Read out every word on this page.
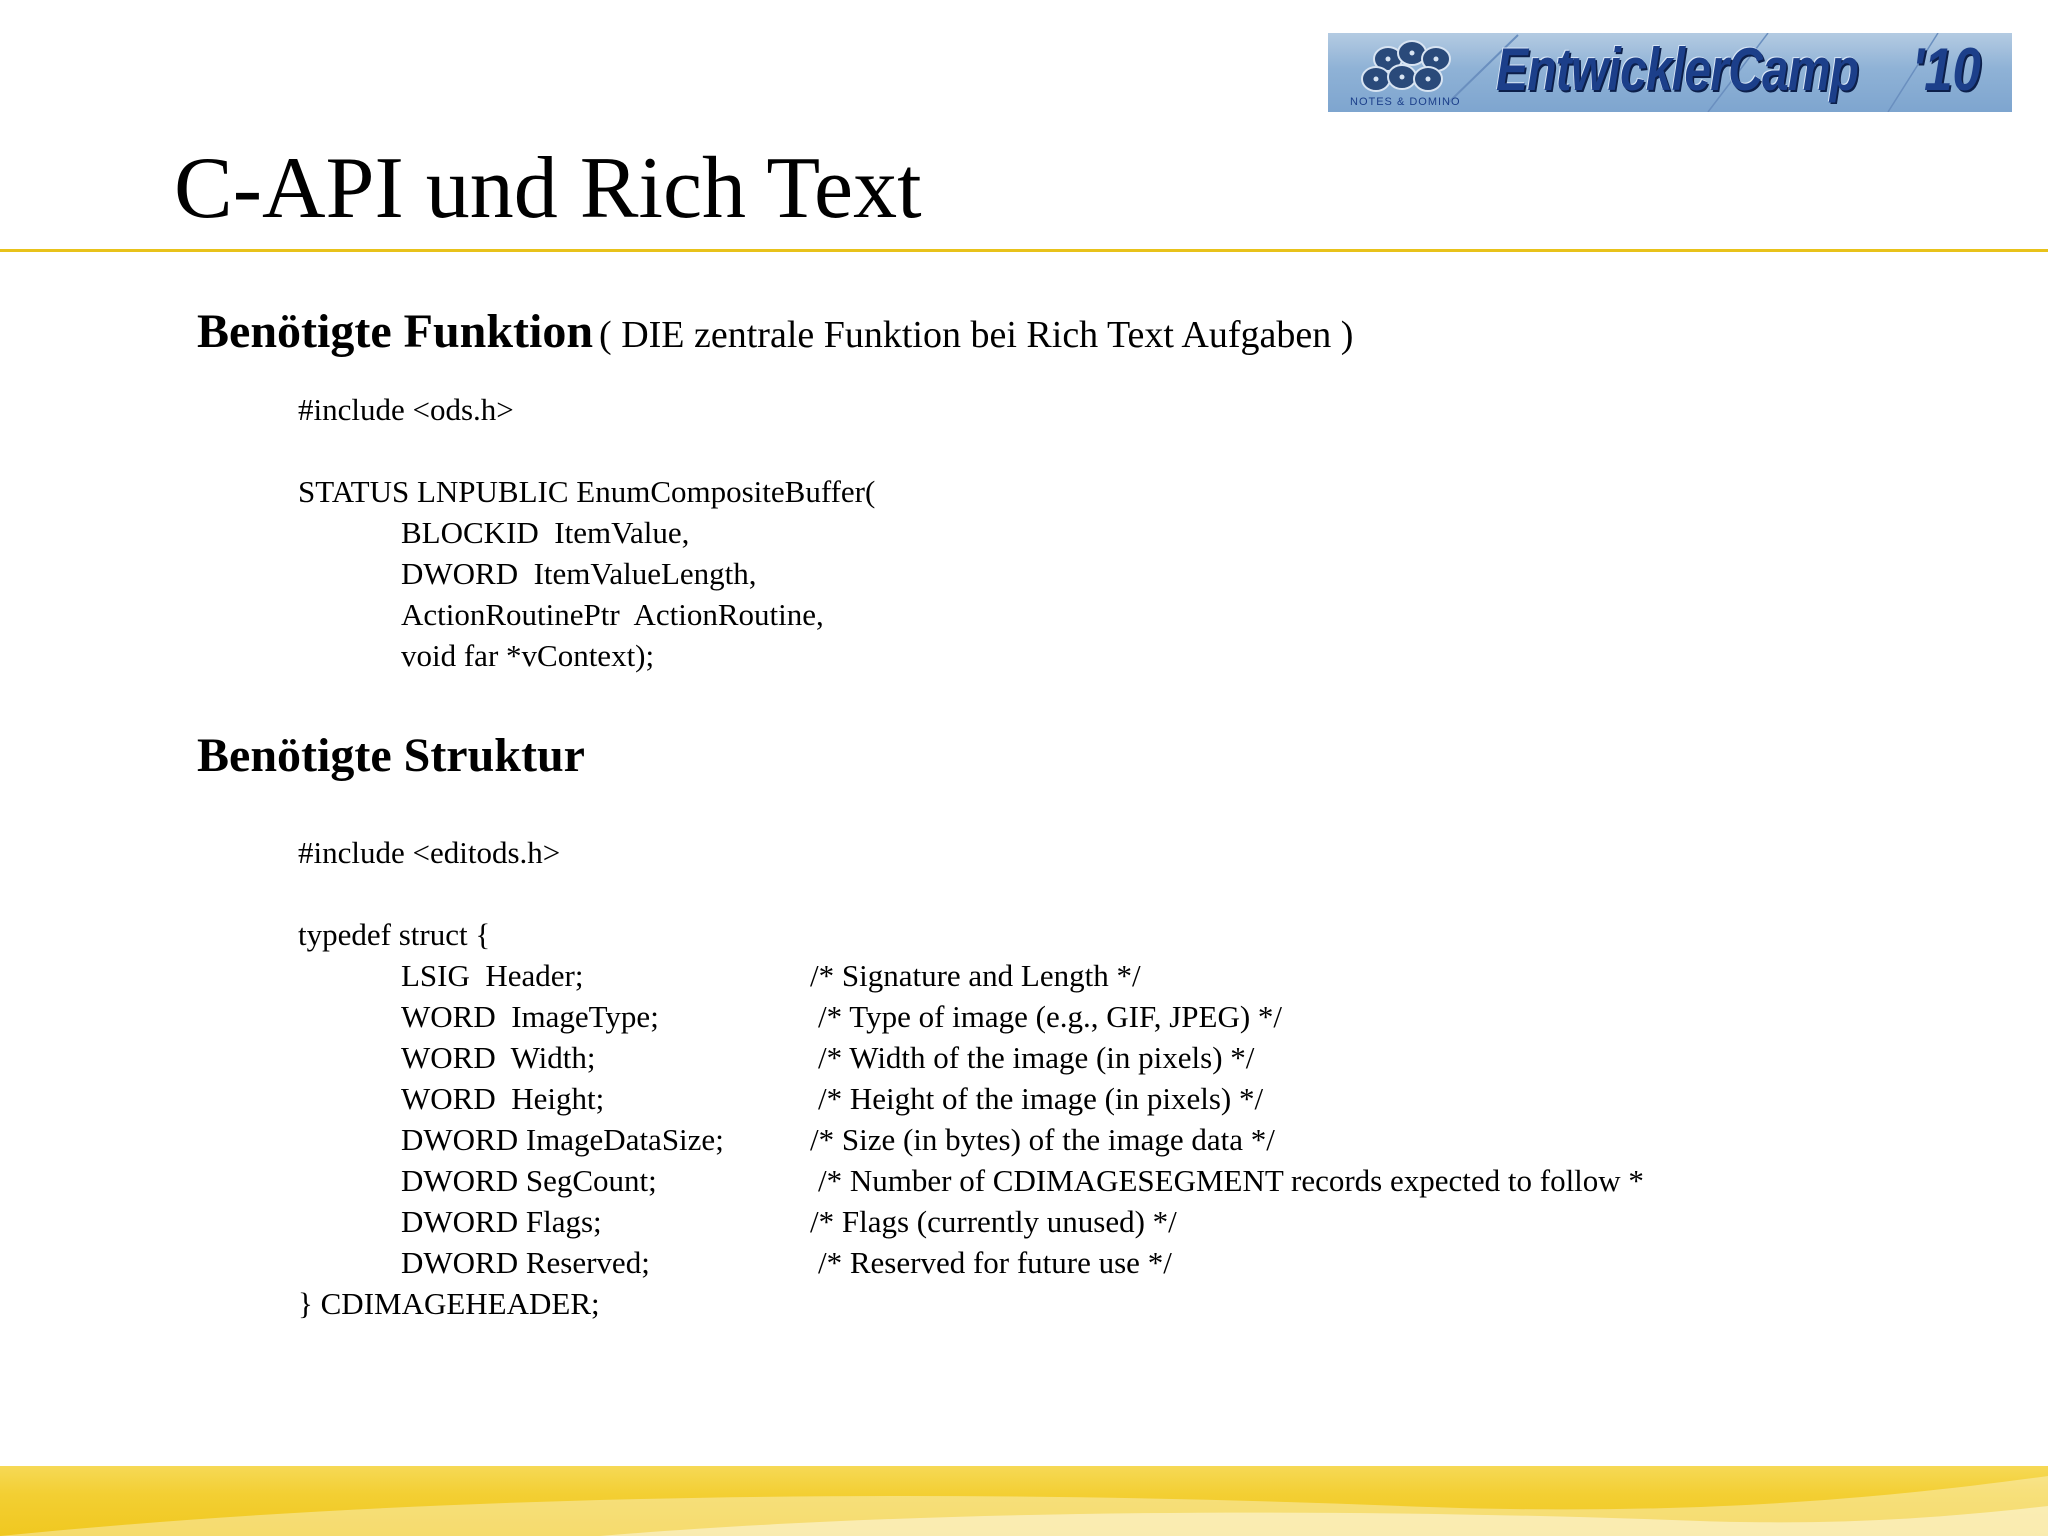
EntwicklerCamp '10
NOTES & DOMINO
C-API und Rich Text
Benötigte Funktion ( DIE zentrale Funktion bei Rich Text Aufgaben )
#include <ods.h>
STATUS LNPUBLIC EnumCompositeBuffer(
BLOCKID  ItemValue,
DWORD  ItemValueLength,
ActionRoutinePtr  ActionRoutine,
void far *vContext);
Benötigte Struktur
#include <editods.h>
typedef struct {
LSIG  Header;	/* Signature and Length */
WORD  ImageType;	/* Type of image (e.g., GIF, JPEG) */
WORD  Width;	/* Width of the image (in pixels) */
WORD  Height;	/* Height of the image (in pixels) */
DWORD ImageDataSize;	/* Size (in bytes) of the image data */
DWORD SegCount;	/* Number of CDIMAGESEGMENT records expected to follow *
DWORD Flags;	/* Flags (currently unused) */
DWORD Reserved;	/* Reserved for future use */
} CDIMAGEHEADER;
